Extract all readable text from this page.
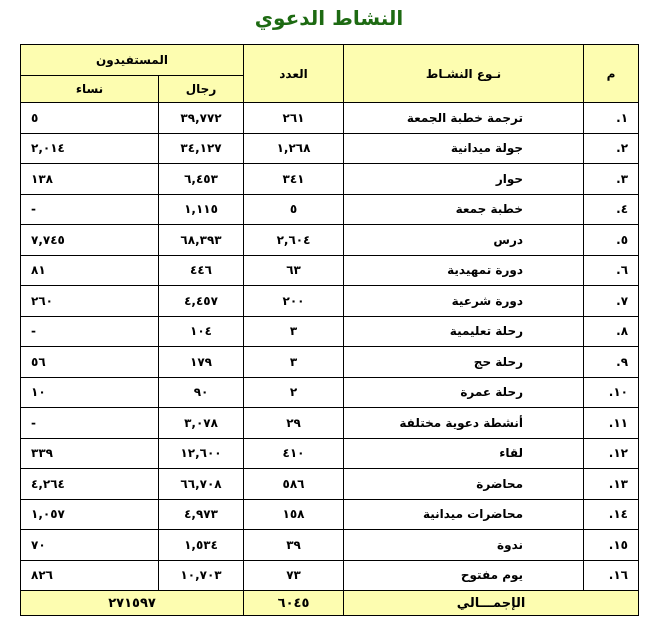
النشاط الدعوي
م	نـوع النشـاط	العدد	المستفيدون	
			رجال	نساء
١.	ترجمة خطبة الجمعة	٢٦١	٣٩,٧٧٢	٥
٢.	جولة ميدانية	١,٢٦٨	٣٤,١٢٧	٢,٠١٤
٣.	حوار	٣٤١	٦,٤٥٣	١٣٨
٤.	خطبة جمعة	٥	١,١١٥	-
٥.	درس	٢,٦٠٤	٦٨,٣٩٣	٧,٧٤٥
٦.	دورة تمهيدية	٦٣	٤٤٦	٨١
٧.	دورة شرعية	٢٠٠	٤,٤٥٧	٢٦٠
٨.	رحلة تعليمية	٣	١٠٤	-
٩.	رحلة حج	٣	١٧٩	٥٦
١٠.	رحلة عمرة	٢	٩٠	١٠
١١.	أنشطة دعوية مختلفة	٢٩	٣,٠٧٨	-
١٢.	لقاء	٤١٠	١٢,٦٠٠	٣٣٩
١٣.	محاضرة	٥٨٦	٦٦,٧٠٨	٤,٢٦٤
١٤.	محاضرات ميدانية	١٥٨	٤,٩٧٣	١,٠٥٧
١٥.	ندوة	٣٩	١,٥٣٤	٧٠
١٦.	يوم مفتوح	٧٣	١٠,٧٠٣	٨٢٦
الإجمـــالي		٦٠٤٥	٢٧١٥٩٧	
